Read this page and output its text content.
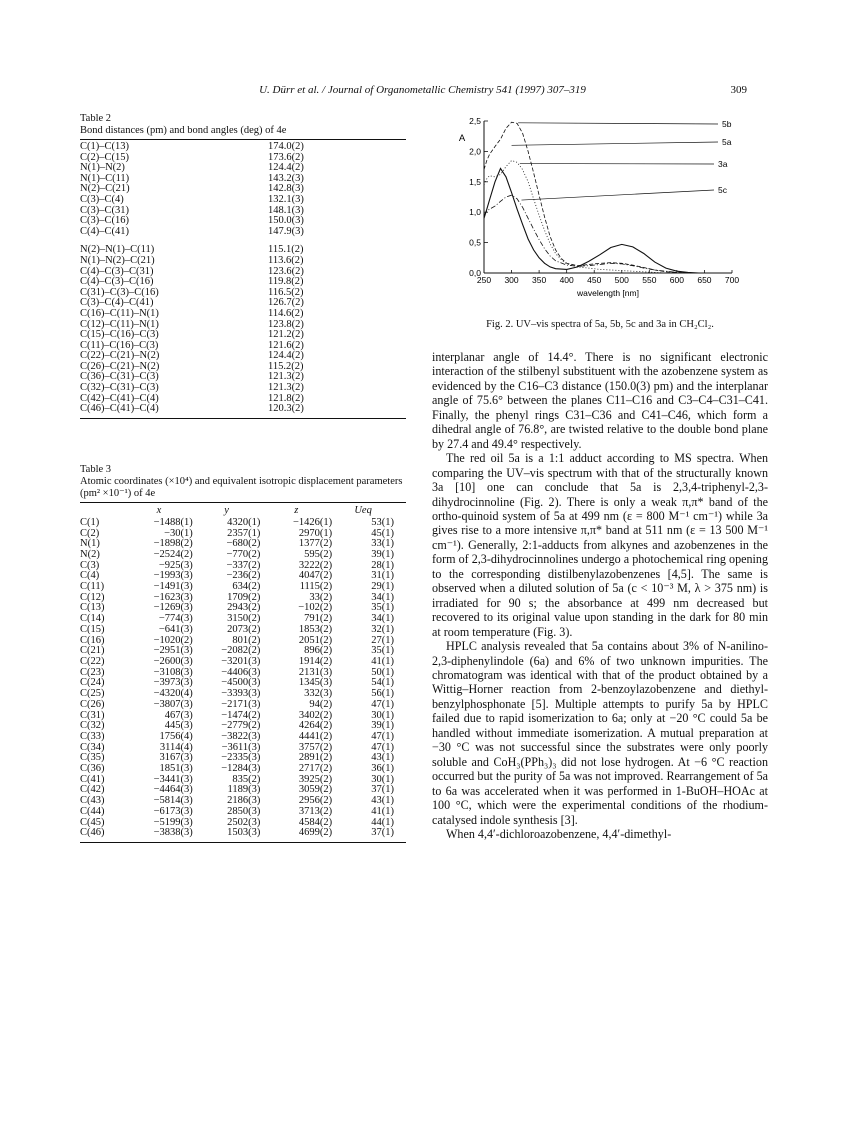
U. Dürr et al. / Journal of Organometallic Chemistry 541 (1997) 307–319	309
Table 2
Bond distances (pm) and bond angles (deg) of 4e
C(1)–C(13)	174.0(2)
C(2)–C(15)	173.6(2)
N(1)–N(2)	124.4(2)
N(1)–C(11)	143.2(3)
N(2)–C(21)	142.8(3)
C(3)–C(4)	132.1(3)
C(3)–C(31)	148.1(3)
C(3)–C(16)	150.0(3)
C(4)–C(41)	147.9(3)

N(2)–N(1)–C(11)	115.1(2)
N(1)–N(2)–C(21)	113.6(2)
C(4)–C(3)–C(31)	123.6(2)
C(4)–C(3)–C(16)	119.8(2)
C(31)–C(3)–C(16)	116.5(2)
C(3)–C(4)–C(41)	126.7(2)
C(16)–C(11)–N(1)	114.6(2)
C(12)–C(11)–N(1)	123.8(2)
C(15)–C(16)–C(3)	121.2(2)
C(11)–C(16)–C(3)	121.6(2)
C(22)–C(21)–N(2)	124.4(2)
C(26)–C(21)–N(2)	115.2(2)
C(36)–C(31)–C(3)	121.3(2)
C(32)–C(31)–C(3)	121.3(2)
C(42)–C(41)–C(4)	121.8(2)
C(46)–C(41)–C(4)	120.3(2)
Table 3
Atomic coordinates (×10⁴) and equivalent isotropic displacement parameters (pm² ×10⁻¹) of 4e
	x	y	z	Ueq
C(1)	−1488(1)	4320(1)	−1426(1)	53(1)
C(2)	−30(1)	2357(1)	2970(1)	45(1)
N(1)	−1898(2)	−680(2)	1377(2)	33(1)
N(2)	−2524(2)	−770(2)	595(2)	39(1)
C(3)	−925(3)	−337(2)	3222(2)	28(1)
C(4)	−1993(3)	−236(2)	4047(2)	31(1)
C(11)	−1491(3)	634(2)	1115(2)	29(1)
C(12)	−1623(3)	1709(2)	33(2)	34(1)
C(13)	−1269(3)	2943(2)	−102(2)	35(1)
C(14)	−774(3)	3150(2)	791(2)	34(1)
C(15)	−641(3)	2073(2)	1853(2)	32(1)
C(16)	−1020(2)	801(2)	2051(2)	27(1)
C(21)	−2951(3)	−2082(2)	896(2)	35(1)
C(22)	−2600(3)	−3201(3)	1914(2)	41(1)
C(23)	−3108(3)	−4406(3)	2131(3)	50(1)
C(24)	−3973(3)	−4500(3)	1345(3)	54(1)
C(25)	−4320(4)	−3393(3)	332(3)	56(1)
C(26)	−3807(3)	−2171(3)	94(2)	47(1)
C(31)	467(3)	−1474(2)	3402(2)	30(1)
C(32)	445(3)	−2779(2)	4264(2)	39(1)
C(33)	1756(4)	−3822(3)	4441(2)	47(1)
C(34)	3114(4)	−3611(3)	3757(2)	47(1)
C(35)	3167(3)	−2335(3)	2891(2)	43(1)
C(36)	1851(3)	−1284(3)	2717(2)	36(1)
C(41)	−3441(3)	835(2)	3925(2)	30(1)
C(42)	−4464(3)	1189(3)	3059(2)	37(1)
C(43)	−5814(3)	2186(3)	2956(2)	43(1)
C(44)	−6173(3)	2850(3)	3713(2)	41(1)
C(45)	−5199(3)	2502(3)	4584(2)	44(1)
C(46)	−3838(3)	1503(3)	4699(2)	37(1)
0,0
0,5
1,0
1,5
2,0
2,5
250 300 350 400 450 500 550 600 650 700
A
wavelength [nm]
5b
5a
3a
5c
Fig. 2. UV–vis spectra of 5a, 5b, 5c and 3a in CH₂Cl₂.

interplanar angle of 14.4°. There is no significant electronic interaction of the stilbenyl substituent with the azobenzene system as evidenced by the C16–C3 distance (150.0(3) pm) and the interplanar angle of 75.6° between the planes C11–C16 and C3–C4–C31–C41. Finally, the phenyl rings C31–C36 and C41–C46, which form a dihedral angle of 76.8°, are twisted relative to the double bond plane by 27.4 and 49.4° respectively.

The red oil 5a is a 1:1 adduct according to MS spectra. When comparing the UV–vis spectrum with that of the structurally known 3a [10] one can conclude that 5a is 2,3,4-triphenyl-2,3-dihydrocinnoline (Fig. 2). There is only a weak π,π* band of the ortho-quinoid system of 5a at 499 nm (ε = 800 M⁻¹ cm⁻¹) while 3a gives rise to a more intensive π,π* band at 511 nm (ε = 13 500 M⁻¹ cm⁻¹). Generally, 2:1-adducts from alkynes and azobenzenes in the form of 2,3-dihydrocinnolines undergo a photochemical ring opening to the corresponding distilbenylazobenzenes [4,5]. The same is observed when a diluted solution of 5a (c < 10⁻³ M, λ > 375 nm) is irradiated for 90 s; the absorbance at 499 nm decreased but recovered to its original value upon standing in the dark for 80 min at room temperature (Fig. 3).

HPLC analysis revealed that 5a contains about 3% of N-anilino-2,3-diphenylindole (6a) and 6% of two unknown impurities. The chromatogram was identical with that of the product obtained by a Wittig–Horner reaction from 2-benzoylazobenzene and diethyl-benzylphosphonate [5]. Multiple attempts to purify 5a by HPLC failed due to rapid isomerization to 6a; only at −20 °C could 5a be handled without immediate isomerization. A mutual preparation at −30 °C was not successful since the substrates were only poorly soluble and CoH₃(PPh₃)₃ did not lose hydrogen. At −6 °C reaction occurred but the purity of 5a was not improved. Rearrangement of 5a to 6a was accelerated when it was performed in 1-BuOH–HOAc at 100 °C, which were the experimental conditions of the rhodium-catalysed indole synthesis [3].

When 4,4′-dichloroazobenzene, 4,4′-dimethyl-
